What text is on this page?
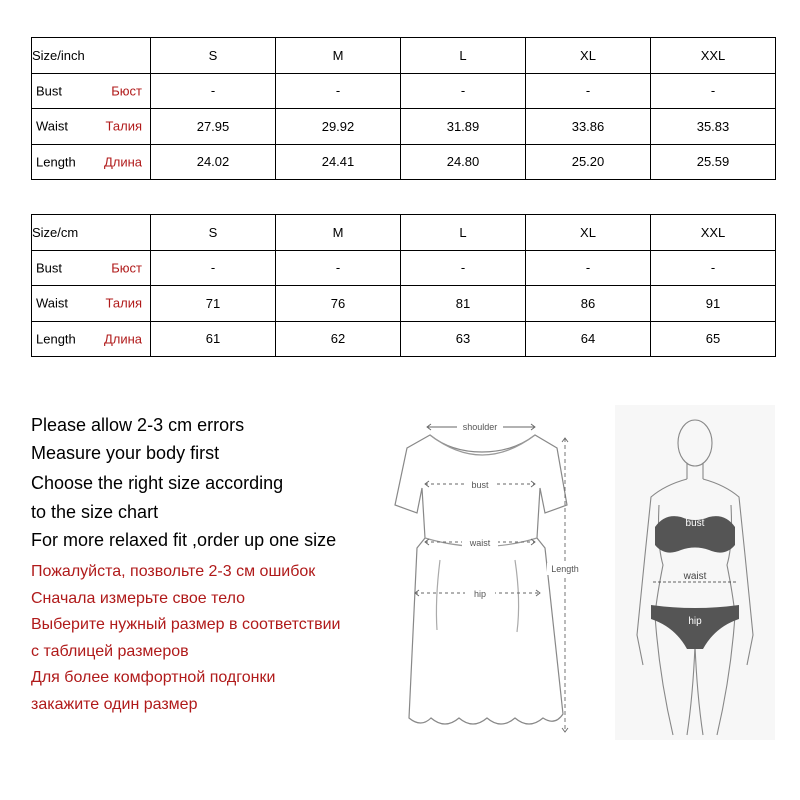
Size/inch	S	M	L	XL	XXL

Bust Бюст	-	-	-	-	-

Waist Талия	27.95	29.92	31.89	33.86	35.83

Length Длина	24.02	24.41	24.80	25.20	25.59
Size/cm	S	M	L	XL	XXL

Bust Бюст	-	-	-	-	-

Waist Талия	71	76	81	86	91

Length Длина	61	62	63	64	65
Please allow 2-3 cm errors
Measure your body first
Choose the right size according
to the size chart
For more relaxed fit ,order up one size
Пожалуйста, позвольте 2-3 см ошибок
Сначала измерьте свое тело
Выберите нужный размер в соответствии
с таблицей размеров
Для более комфортной подгонки
закажите один размер
shoulder
bust
waist
hip
Length
bust
waist
hip
